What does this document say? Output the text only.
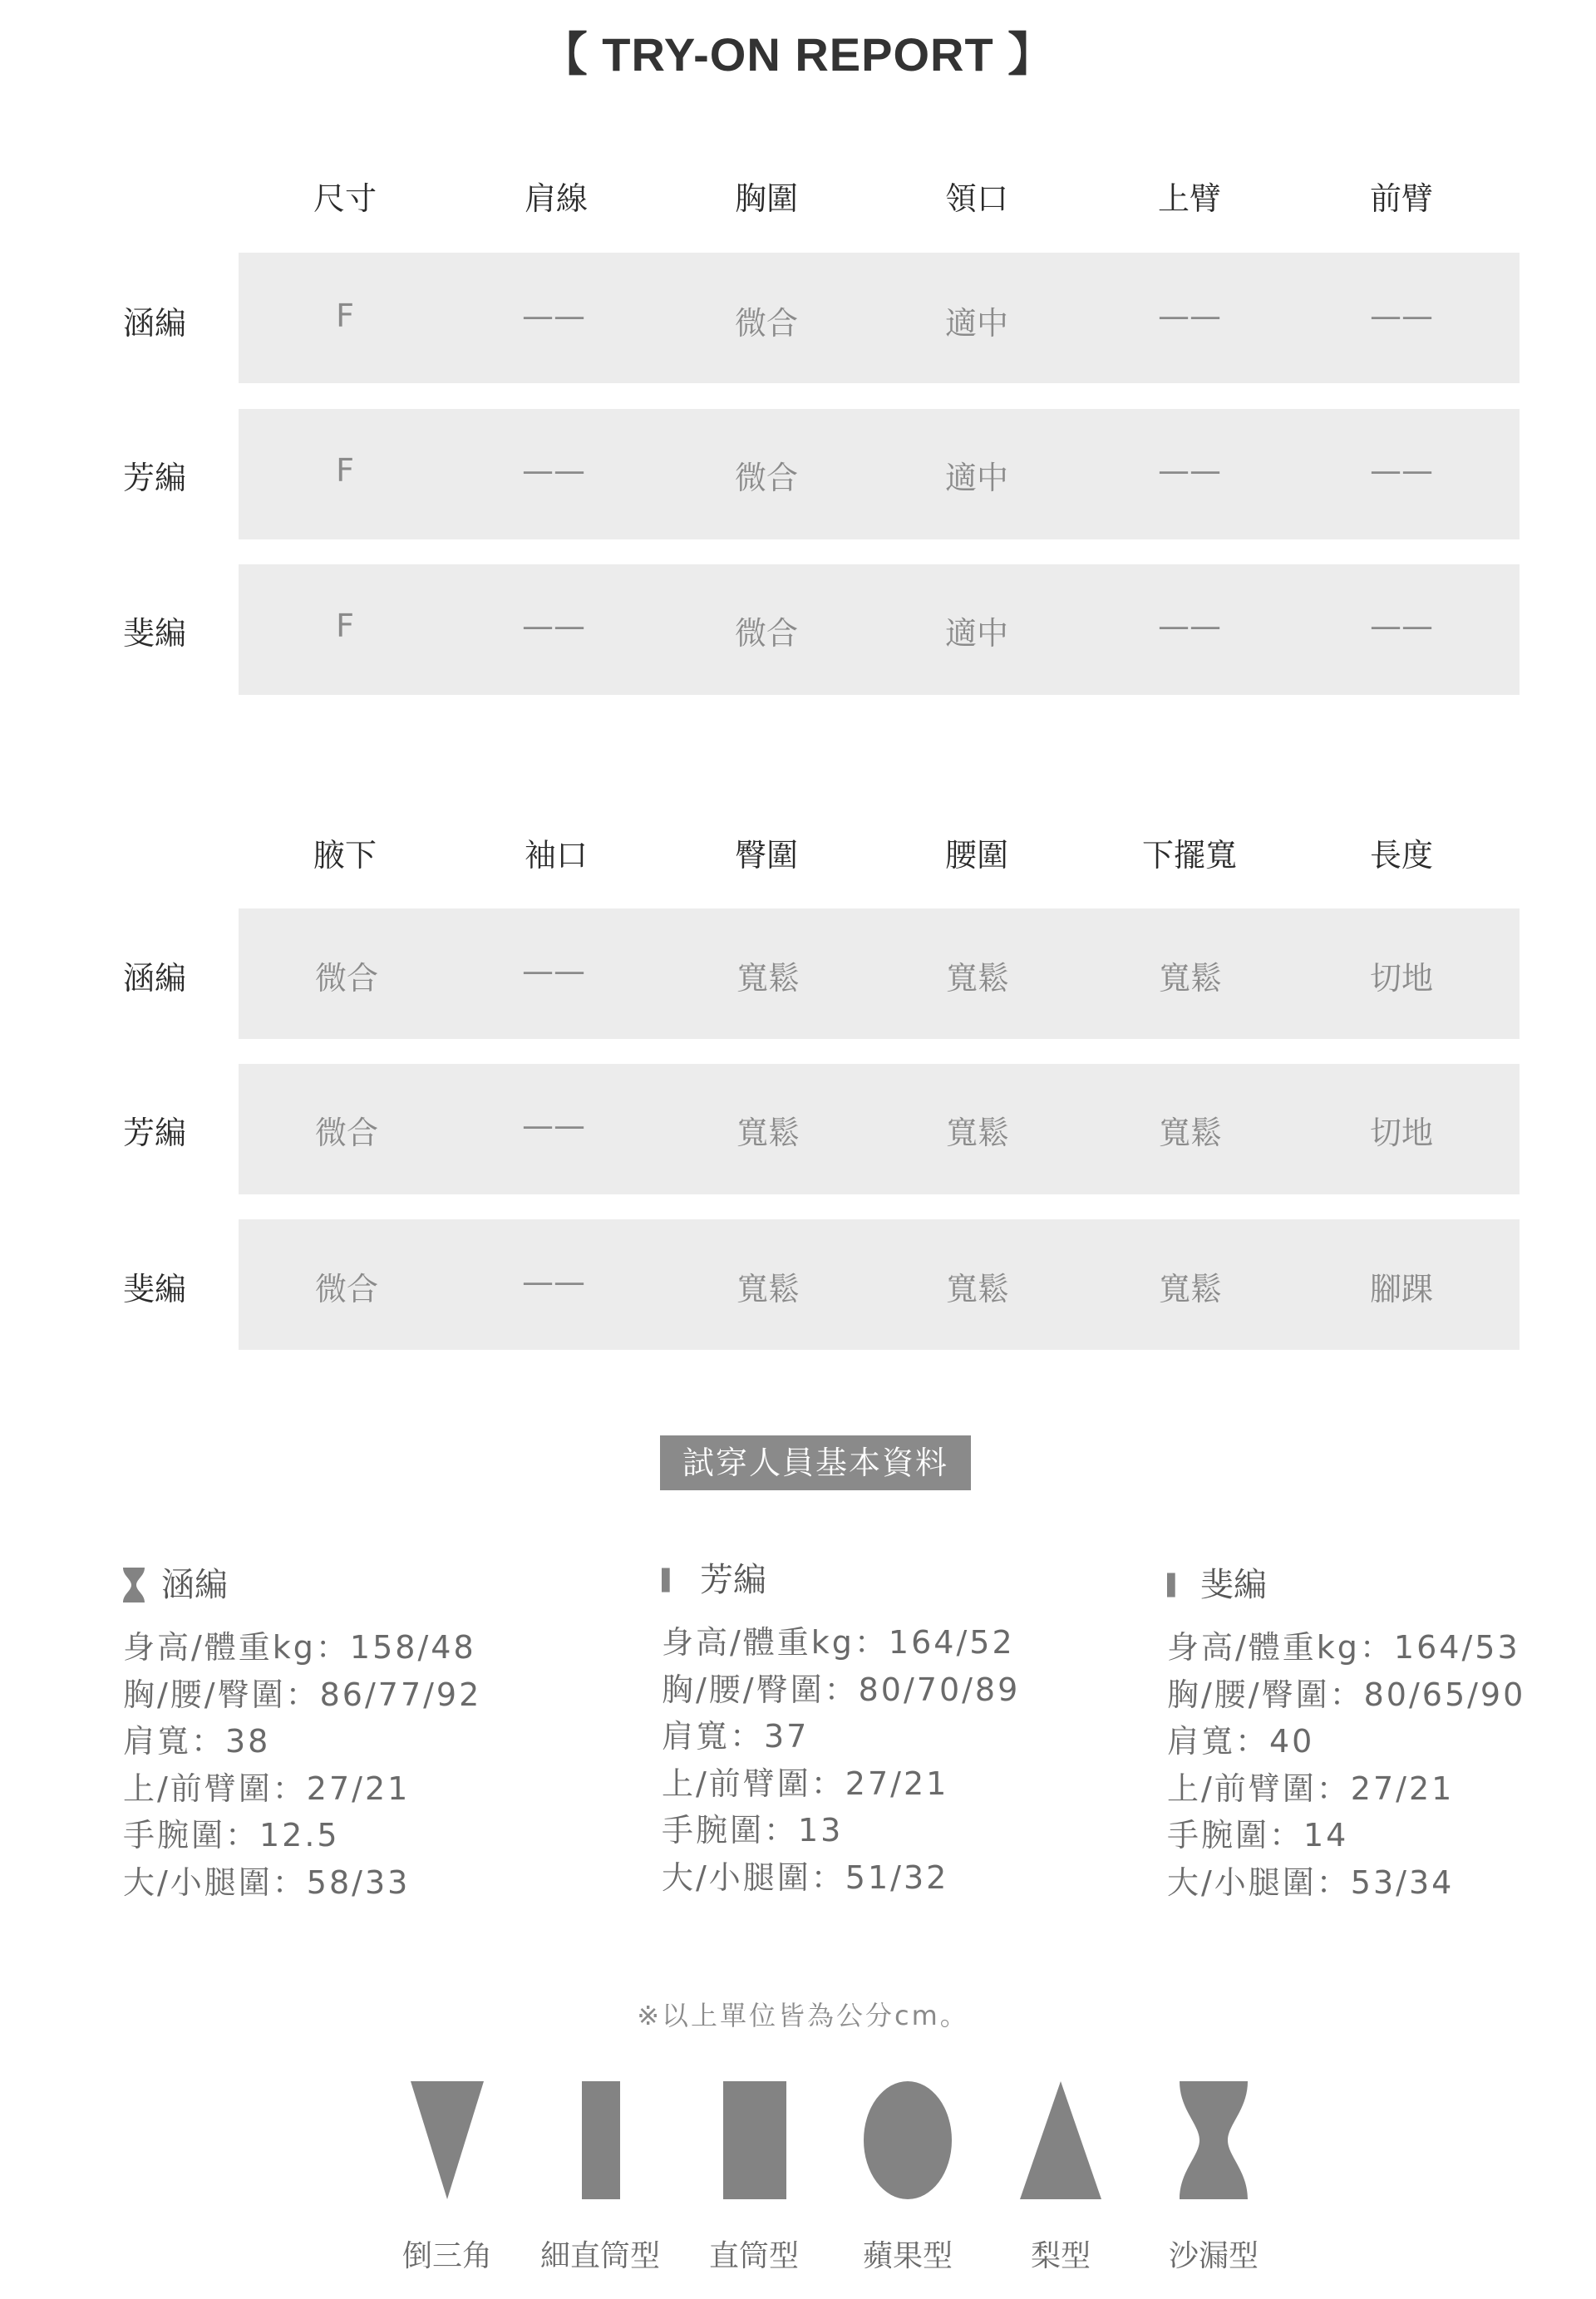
【 TRY-ON REPORT 】
尺寸	肩線	胸圍	領口	上臂	前臂
涵編	F	——	微合	適中	——	——
芳編	F	——	微合	適中	——	——
斐編	F	——	微合	適中	——	——
腋下	袖口	臀圍	腰圍	下擺寬	長度
涵編	微合	——	寬鬆	寬鬆	寬鬆	切地
芳編	微合	——	寬鬆	寬鬆	寬鬆	切地
斐編	微合	——	寬鬆	寬鬆	寬鬆	腳踝
試穿人員基本資料
涵編
身高/體重kg：158/48
胸/腰/臀圍：86/77/92
肩寬：38
上/前臂圍：27/21
手腕圍：12.5
大/小腿圍：58/33
芳編
身高/體重kg：164/52
胸/腰/臀圍：80/70/89
肩寬：37
上/前臂圍：27/21
手腕圍：13
大/小腿圍：51/32
斐編
身高/體重kg：164/53
胸/腰/臀圍：80/65/90
肩寬：40
上/前臂圍：27/21
手腕圍：14
大/小腿圍：53/34
※以上單位皆為公分cm。
倒三角	細直筒型	直筒型	蘋果型	梨型	沙漏型
